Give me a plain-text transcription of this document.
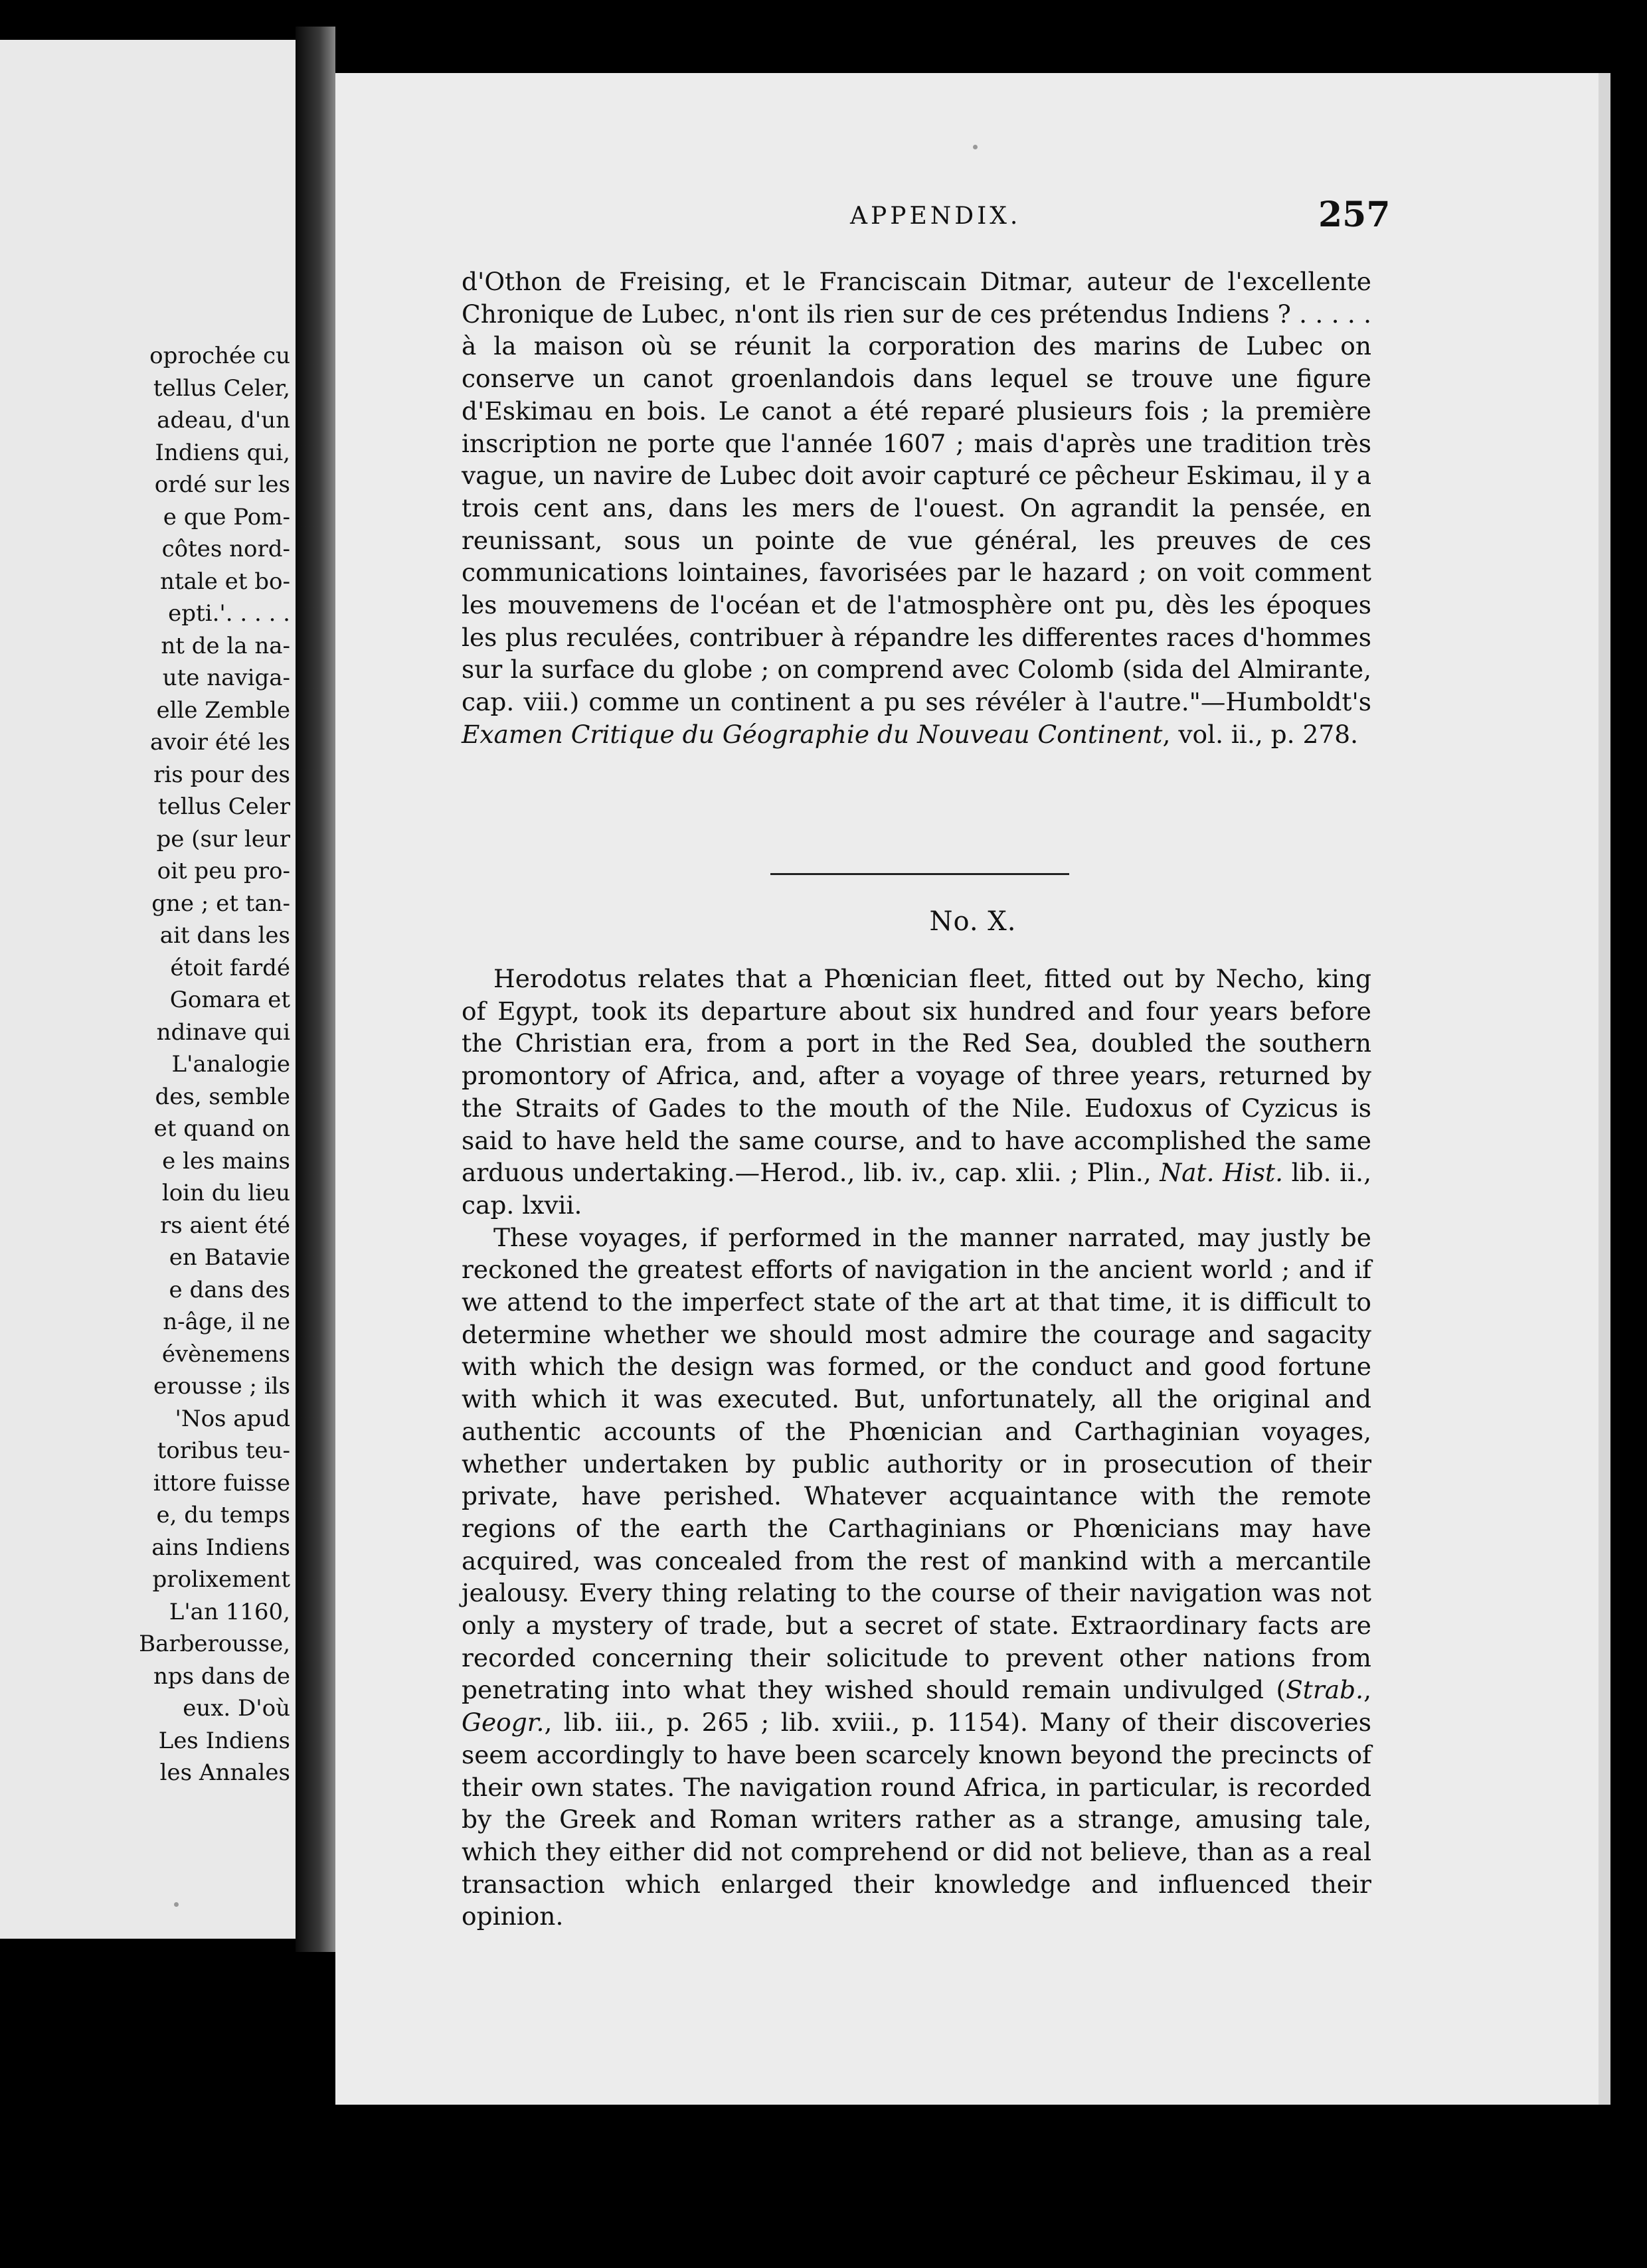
oprochée cu
tellus Celer,
adeau, d'un
Indiens qui,
ordé sur les
e que Pom-
côtes nord-
ntale et bo-
epti.'. . . . .
nt de la na-
ute naviga-
elle Zemble
avoir été les
ris pour des
tellus Celer
pe (sur leur
oit peu pro-
gne ; et tan-
ait dans les
étoit fardé
Gomara et
ndinave qui
L'analogie
des, semble
et quand on
e les mains
loin du lieu
rs aient été
en Batavie
e dans des
n-âge, il ne
évènemens
erousse ; ils
'Nos apud
toribus teu-
ittore fuisse
e, du temps
ains Indiens
prolixement
L'an 1160,
Barberousse,
nps dans de
eux. D'où
Les Indiens
les Annales
APPENDIX.	257

d'Othon de Freising, et le Franciscain Ditmar, auteur de l'excellente Chronique de Lubec, n'ont ils rien sur de ces prétendus Indiens ? . . . . . à la maison où se réunit la corporation des marins de Lubec on conserve un canot groenlandois dans lequel se trouve une figure d'Eskimau en bois. Le canot a été reparé plusieurs fois ; la première inscription ne porte que l'année 1607 ; mais d'après une tradition très vague, un navire de Lubec doit avoir capturé ce pêcheur Eskimau, il y a trois cent ans, dans les mers de l'ouest. On agrandit la pensée, en reunissant, sous un pointe de vue général, les preuves de ces communications lointaines, favorisées par le hazard ; on voit comment les mouvemens de l'océan et de l'atmosphère ont pu, dès les époques les plus reculées, contribuer à répandre les differentes races d'hommes sur la surface du globe ; on comprend avec Colomb (sida del Almirante, cap. viii.) comme un continent a pu ses révéler à l'autre."—Humboldt's Examen Critique du Géographie du Nouveau Continent, vol. ii., p. 278.

No. X.

Herodotus relates that a Phœnician fleet, fitted out by Necho, king of Egypt, took its departure about six hundred and four years before the Christian era, from a port in the Red Sea, doubled the southern promontory of Africa, and, after a voyage of three years, returned by the Straits of Gades to the mouth of the Nile. Eudoxus of Cyzicus is said to have held the same course, and to have accomplished the same arduous undertaking.—Herod., lib. iv., cap. xlii. ; Plin., Nat. Hist. lib. ii., cap. lxvii.

These voyages, if performed in the manner narrated, may justly be reckoned the greatest efforts of navigation in the ancient world ; and if we attend to the imperfect state of the art at that time, it is difficult to determine whether we should most admire the courage and sagacity with which the design was formed, or the conduct and good fortune with which it was executed. But, unfortunately, all the original and authentic accounts of the Phœnician and Carthaginian voyages, whether undertaken by public authority or in prosecution of their private, have perished. Whatever acquaintance with the remote regions of the earth the Carthaginians or Phœnicians may have acquired, was concealed from the rest of mankind with a mercantile jealousy. Every thing relating to the course of their navigation was not only a mystery of trade, but a secret of state. Extraordinary facts are recorded concerning their solicitude to prevent other nations from penetrating into what they wished should remain undivulged (Strab., Geogr., lib. iii., p. 265 ; lib. xviii., p. 1154). Many of their discoveries seem accordingly to have been scarcely known beyond the precincts of their own states. The navigation round Africa, in particular, is recorded by the Greek and Roman writers rather as a strange, amusing tale, which they either did not comprehend or did not believe, than as a real transaction which enlarged their knowledge and influenced their opinion.
